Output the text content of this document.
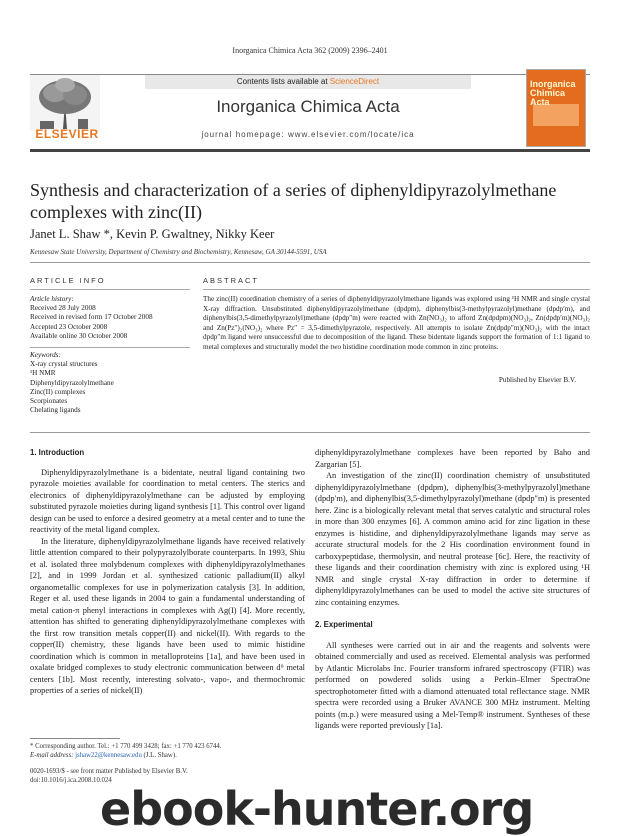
Inorganica Chimica Acta 362 (2009) 2396–2401
ELSEVIER
Contents lists available at ScienceDirect
Inorganica Chimica Acta
journal homepage: www.elsevier.com/locate/ica
Inorganica Chimica Acta
Synthesis and characterization of a series of diphenyldipyrazolylmethane complexes with zinc(II)
Janet L. Shaw *, Kevin P. Gwaltney, Nikky Keer
Kennesaw State University, Department of Chemistry and Biochemistry, Kennesaw, GA 30144-5591, USA
ARTICLE INFO	ABSTRACT
Article history:
Received 28 July 2008
Received in revised form 17 October 2008
Accepted 23 October 2008
Available online 30 October 2008
Keywords:
X-ray crystal structures
¹H NMR
Diphenyldipyrazolylmethane
Zinc(II) complexes
Scorpionates
Chelating ligands
The zinc(II) coordination chemistry of a series of diphenyldipyrazolylmethane ligands was explored using ¹H NMR and single crystal X-ray diffraction. Unsubstituted diphenyldipyrazolylmethane (dpdpm), diphenylbis(3-methylpyrazolyl)methane (dpdp′m), and diphenylbis(3,5-dimethylpyrazolyl)methane (dpdp″m) were reacted with Zn(NO₃)₂ to afford Zn(dpdpm)(NO₃)₂, Zn(dpdp′m)(NO₃)₂ and Zn(Pz″)₂(NO₃)₂ where Pz″ = 3,5-dimethylpyrazole, respectively. All attempts to isolate Zn(dpdp″m)(NO₃)₂ with the intact dpdp″m ligand were unsuccessful due to decomposition of the ligand. These bidentate ligands support the formation of 1:1 ligand to metal complexes and structurally model the two histidine coordination mode common in zinc proteins.
Published by Elsevier B.V.

1. Introduction

Diphenyldipyrazolylmethane is a bidentate, neutral ligand containing two pyrazole moieties available for coordination to metal centers. The sterics and electronics of diphenyldipyrazolylmethane can be adjusted by employing substituted pyrazole moieties during ligand synthesis [1]. This control over ligand design can be used to enforce a desired geometry at a metal center and to tune the reactivity of the metal ligand complex.

In the literature, diphenyldipyrazolylmethane ligands have received relatively little attention compared to their polypyrazolylborate counterparts. In 1993, Shiu et al. isolated three molybdenum complexes with diphenyldipyrazolylmethanes [2], and in 1999 Jordan et al. synthesized cationic palladium(II) alkyl organometallic complexes for use in polymerization catalysis [3]. In addition, Reger et al. used these ligands in 2004 to gain a fundamental understanding of metal cation-π phenyl interactions in complexes with Ag(I) [4]. More recently, attention has shifted to generating diphenyldipyrazolylmethane complexes with the first row transition metals copper(II) and nickel(II). With regards to the copper(II) chemistry, these ligands have been used to mimic histidine coordination which is common in metalloproteins [1a], and have been used in oxalate bridged complexes to study electronic communication between d⁹ metal centers [1b]. Most recently, interesting solvato-, vapo-, and thermochromic properties of a series of nickel(II)

diphenyldipyrazolylmethane complexes have been reported by Baho and Zargarian [5].

An investigation of the zinc(II) coordination chemistry of unsubstituted diphenyldipyrazolylmethane (dpdpm), diphenylbis(3-methylpyrazolyl)methane (dpdp′m), and diphenylbis(3,5-dimethylpyrazolyl)methane (dpdp″m) is presented here. Zinc is a biologically relevant metal that serves catalytic and structural roles in more than 300 enzymes [6]. A common amino acid for zinc ligation in these enzymes is histidine, and diphenyldipyrazolylmethane ligands may serve as accurate structural models for the 2 His coordination environment found in carboxypeptidase, thermolysin, and neutral protease [6c]. Here, the reactivity of these ligands and their coordination chemistry with zinc is explored using ¹H NMR and single crystal X-ray diffraction in order to determine if diphenyldipyrazolylmethanes can be used to model the active site structures of zinc containing enzymes.

2. Experimental

All syntheses were carried out in air and the reagents and solvents were obtained commercially and used as received. Elemental analysis was performed by Atlantic Microlabs Inc. Fourier transform infrared spectroscopy (FTIR) was performed on powdered solids using a Perkin–Elmer SpectraOne spectrophotometer fitted with a diamond attenuated total reflectance stage. NMR spectra were recorded using a Bruker AVANCE 300 MHz instrument. Melting points (m.p.) were measured using a Mel-Temp® instrument. Syntheses of these ligands were reported previously [1a].

* Corresponding author. Tel.: +1 770 499 3428; fax: +1 770 423 6744.
E-mail address: jshaw22@kennesaw.edu (J.L. Shaw).
0020-1693/$ - see front matter Published by Elsevier B.V.
doi:10.1016/j.ica.2008.10.024
ebook-hunter.org
